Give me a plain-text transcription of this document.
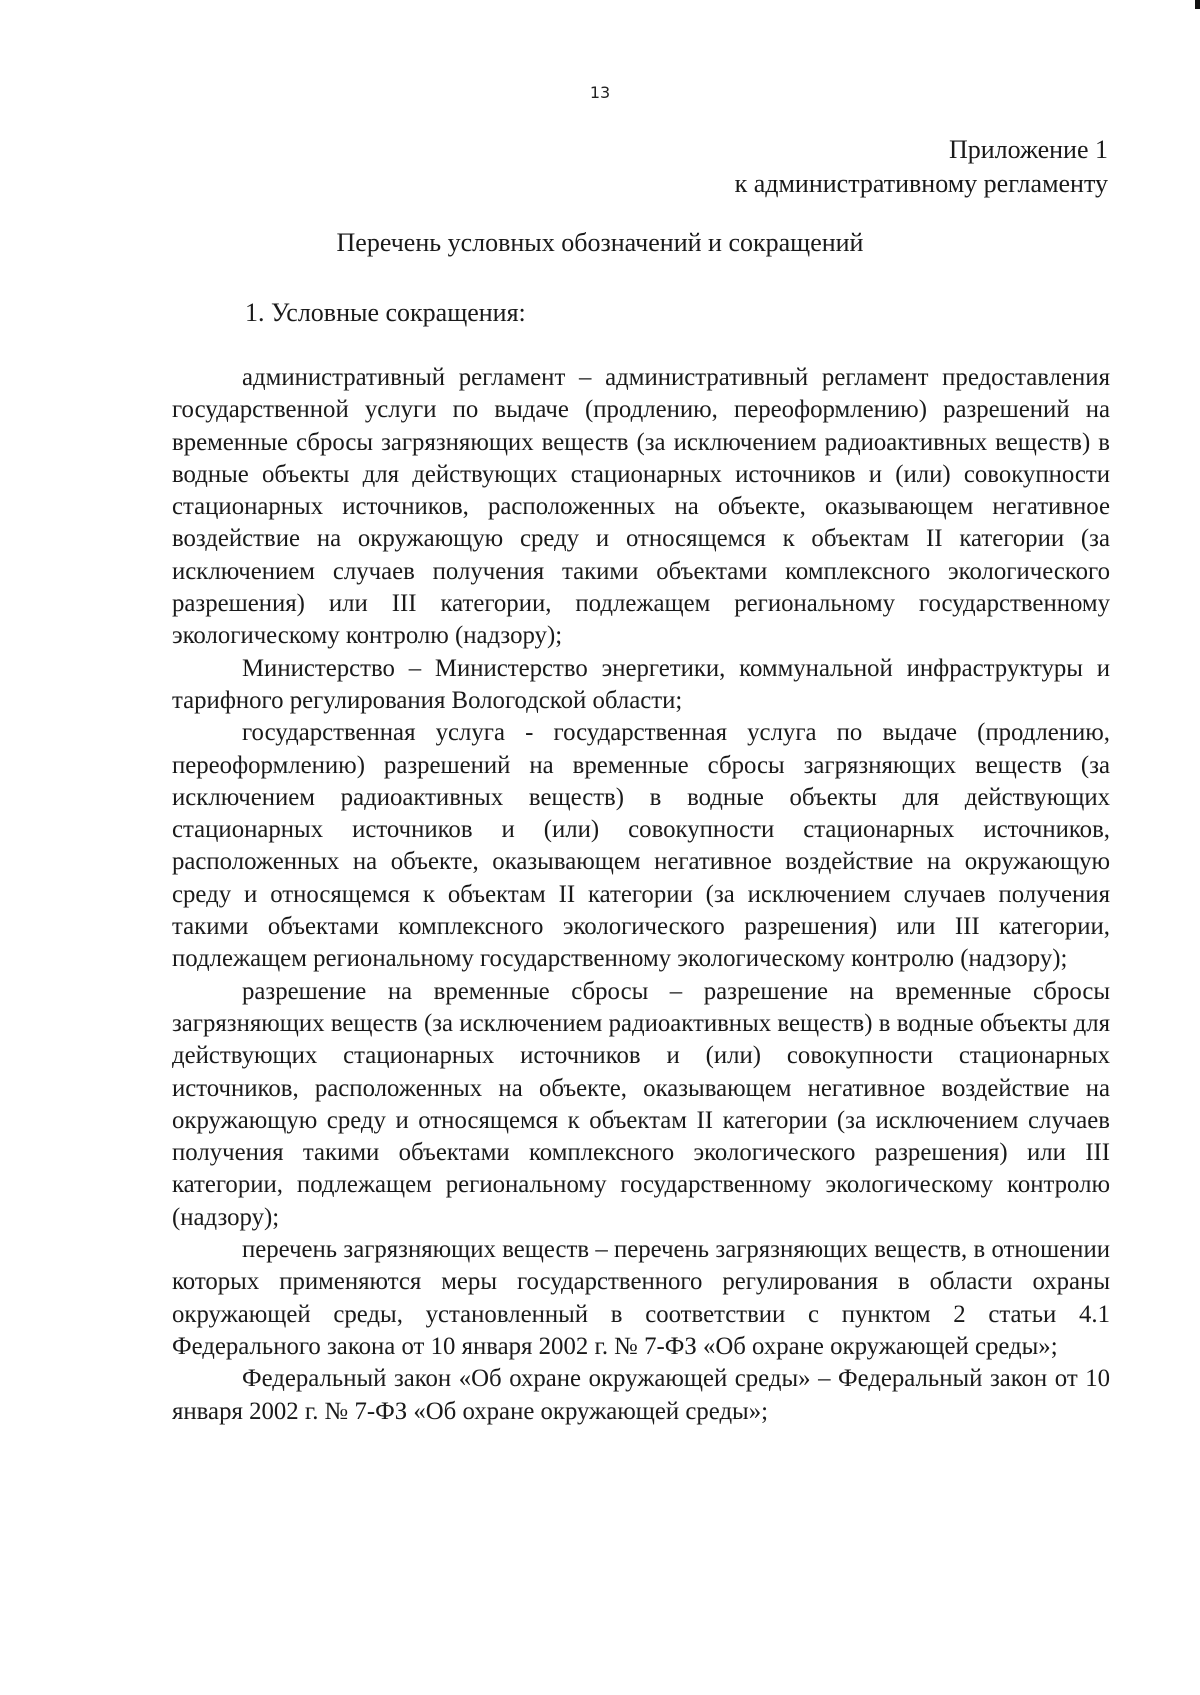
13
Приложение 1
к административному регламенту
Перечень условных обозначений и сокращений
1. Условные сокращения:

административный регламент – административный регламент предоставления государственной услуги по выдаче (продлению, переоформлению) разрешений на временные сбросы загрязняющих веществ (за исключением радиоактивных веществ) в водные объекты для действующих стационарных источников и (или) совокупности стационарных источников, расположенных на объекте, оказывающем негативное воздействие на окружающую среду и относящемся к объектам II категории (за исключением случаев получения такими объектами комплексного экологического разрешения) или III категории, подлежащем региональному государственному экологическому контролю (надзору);

Министерство – Министерство энергетики, коммунальной инфраструктуры и тарифного регулирования Вологодской области;

государственная услуга - государственная услуга по выдаче (продлению, переоформлению) разрешений на временные сбросы загрязняющих веществ (за исключением радиоактивных веществ) в водные объекты для действующих стационарных источников и (или) совокупности стационарных источников, расположенных на объекте, оказывающем негативное воздействие на окружающую среду и относящемся к объектам II категории (за исключением случаев получения такими объектами комплексного экологического разрешения) или III категории, подлежащем региональному государственному экологическому контролю (надзору);

разрешение на временные сбросы – разрешение на временные сбросы загрязняющих веществ (за исключением радиоактивных веществ) в водные объекты для действующих стационарных источников и (или) совокупности стационарных источников, расположенных на объекте, оказывающем негативное воздействие на окружающую среду и относящемся к объектам II категории (за исключением случаев получения такими объектами комплексного экологического разрешения) или III категории, подлежащем региональному государственному экологическому контролю (надзору);

перечень загрязняющих веществ – перечень загрязняющих веществ, в отношении которых применяются меры государственного регулирования в области охраны окружающей среды, установленный в соответствии с пунктом 2 статьи 4.1 Федерального закона от 10 января 2002 г. № 7-ФЗ «Об охране окружающей среды»;

Федеральный закон «Об охране окружающей среды» – Федеральный закон от 10 января 2002 г. № 7-ФЗ «Об охране окружающей среды»;
